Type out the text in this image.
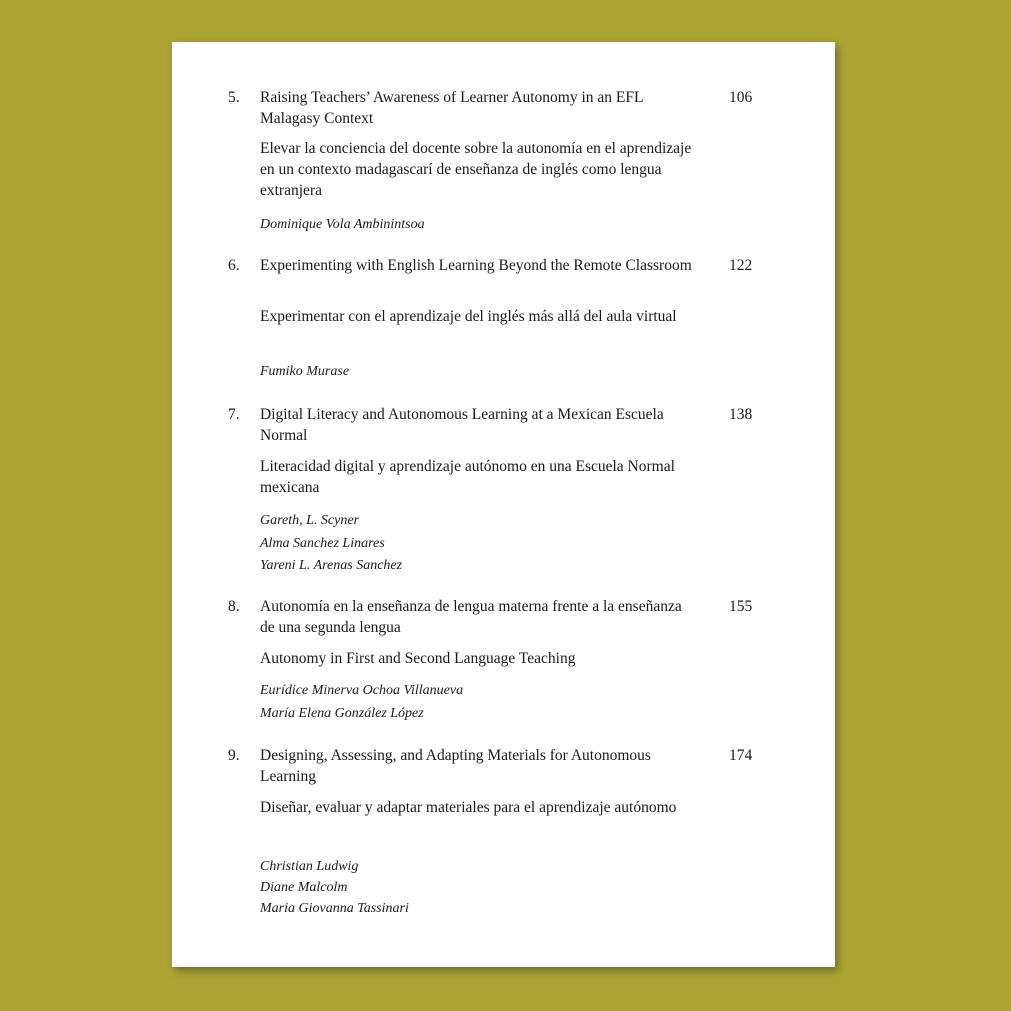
5. Raising Teachers’ Awareness of Learner Autonomy in an EFL Malagasy Context
106
Elevar la conciencia del docente sobre la autonomía en el aprendizaje en un contexto madagascarí de enseñanza de inglés como lengua extranjera
Dominique Vola Ambinintsoa
6. Experimenting with English Learning Beyond the Remote Classroom	122
Experimentar con el aprendizaje del inglés más allá del aula virtual
Fumiko Murase
7. Digital Literacy and Autonomous Learning at a Mexican Escuela Normal
138
Literacidad digital y aprendizaje autónomo en una Escuela Normal mexicana
Gareth, L. Scyner
Alma Sanchez Linares
Yareni L. Arenas Sanchez
8. Autonomía en la enseñanza de lengua materna frente a la enseñanza de una segunda lengua
155
Autonomy in First and Second Language Teaching
Eurídice Minerva Ochoa Villanueva
María Elena González López
9. Designing, Assessing, and Adapting Materials for Autonomous Learning
174
Diseñar, evaluar y adaptar materiales para el aprendizaje autónomo
Christian Ludwig
Diane Malcolm
Maria Giovanna Tassinari
